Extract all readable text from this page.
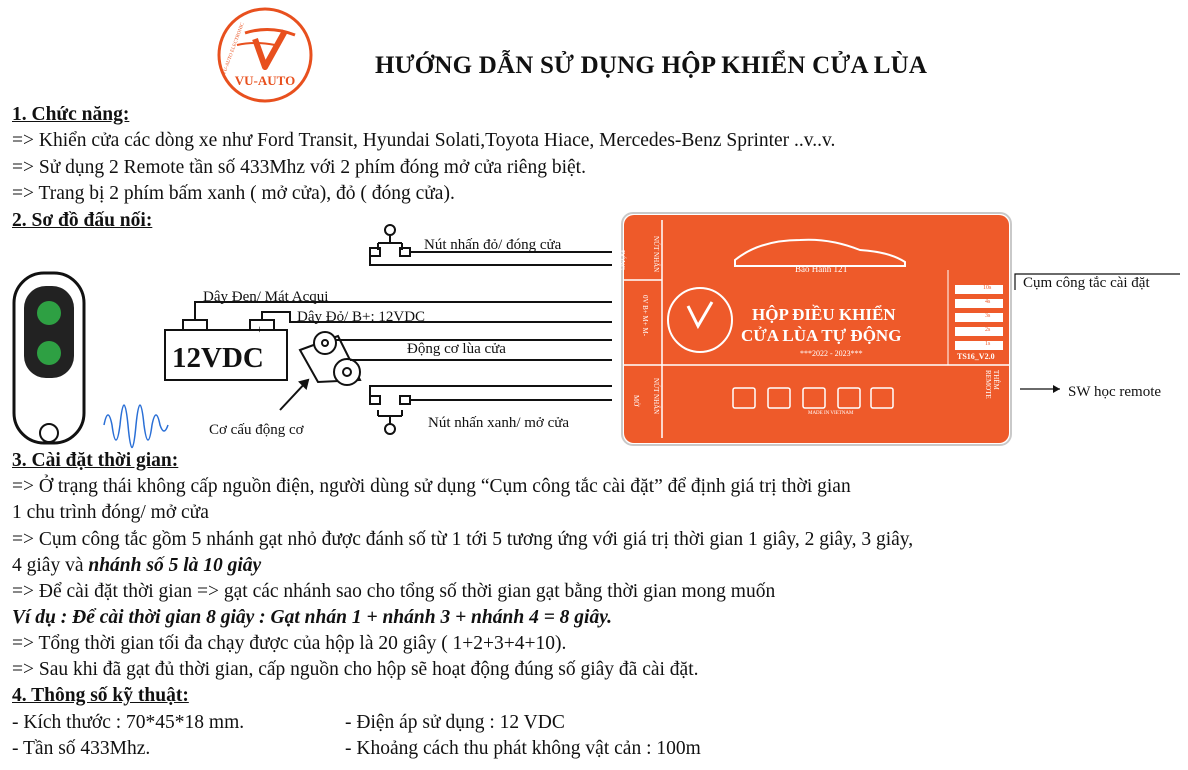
VU-AUTO
VU-AUTO ELECTRONIC	HƯỚNG DẪN SỬ DỤNG HỘP KHIỂN CỬA LÙA
1. Chức năng:
=> Khiển cửa các dòng xe như Ford Transit, Hyundai Solati,Toyota Hiace, Mercedes-Benz Sprinter ..v..v.
=> Sử dụng 2 Remote tần số 433Mhz với 2 phím đóng mở cửa riêng biệt.
=> Trang bị 2 phím bấm xanh ( mở cửa), đỏ ( đóng cửa).
2. Sơ đồ đấu nối:
Nút nhấn đỏ/ đóng cửa
Dây Đen/ Mát Acqui
Dây Đỏ/ B+: 12VDC
−	+
12VDC	Động cơ lùa cửa
Cơ cấu động cơ	Nút nhấn xanh/ mở cửa
Cụm công tắc cài đặt
SW học remote
Bảo Hành 12T
HỘP ĐIỀU KHIỂN
CỬA LÙA TỰ ĐỘNG
***2022 - 2023***	TS16_V2.0
MADE IN VIETNAM
10s
4s
3s
2s
1s
ĐÓNG	NÚT NHẤN
0V B+ M+ M-
MỞ NÚT NHẤN	THÊM REMOTE
3. Cài đặt thời gian:
=> Ở trạng thái không cấp nguồn điện, người dùng sử dụng “Cụm công tắc cài đặt” để định giá trị thời gian
1 chu trình đóng/ mở cửa
=> Cụm công tắc gồm 5 nhánh gạt nhỏ được đánh số từ 1 tới 5 tương ứng với giá trị thời gian 1 giây, 2 giây, 3 giây,
4 giây và nhánh số 5 là 10 giây
=> Để cài đặt thời gian => gạt các nhánh sao cho tổng số thời gian gạt bằng thời gian mong muốn
Ví dụ : Để cài thời gian 8 giây : Gạt nhán 1 + nhánh 3 + nhánh 4 = 8 giây.
=> Tổng thời gian tối đa chạy được của hộp là 20 giây ( 1+2+3+4+10).
=> Sau khi đã gạt đủ thời gian, cấp nguồn cho hộp sẽ hoạt động đúng số giây đã cài đặt.
4. Thông số kỹ thuật:
- Kích thước : 70*45*18 mm.	- Điện áp sử dụng : 12 VDC
- Tần số 433Mhz.	- Khoảng cách thu phát không vật cản : 100m
